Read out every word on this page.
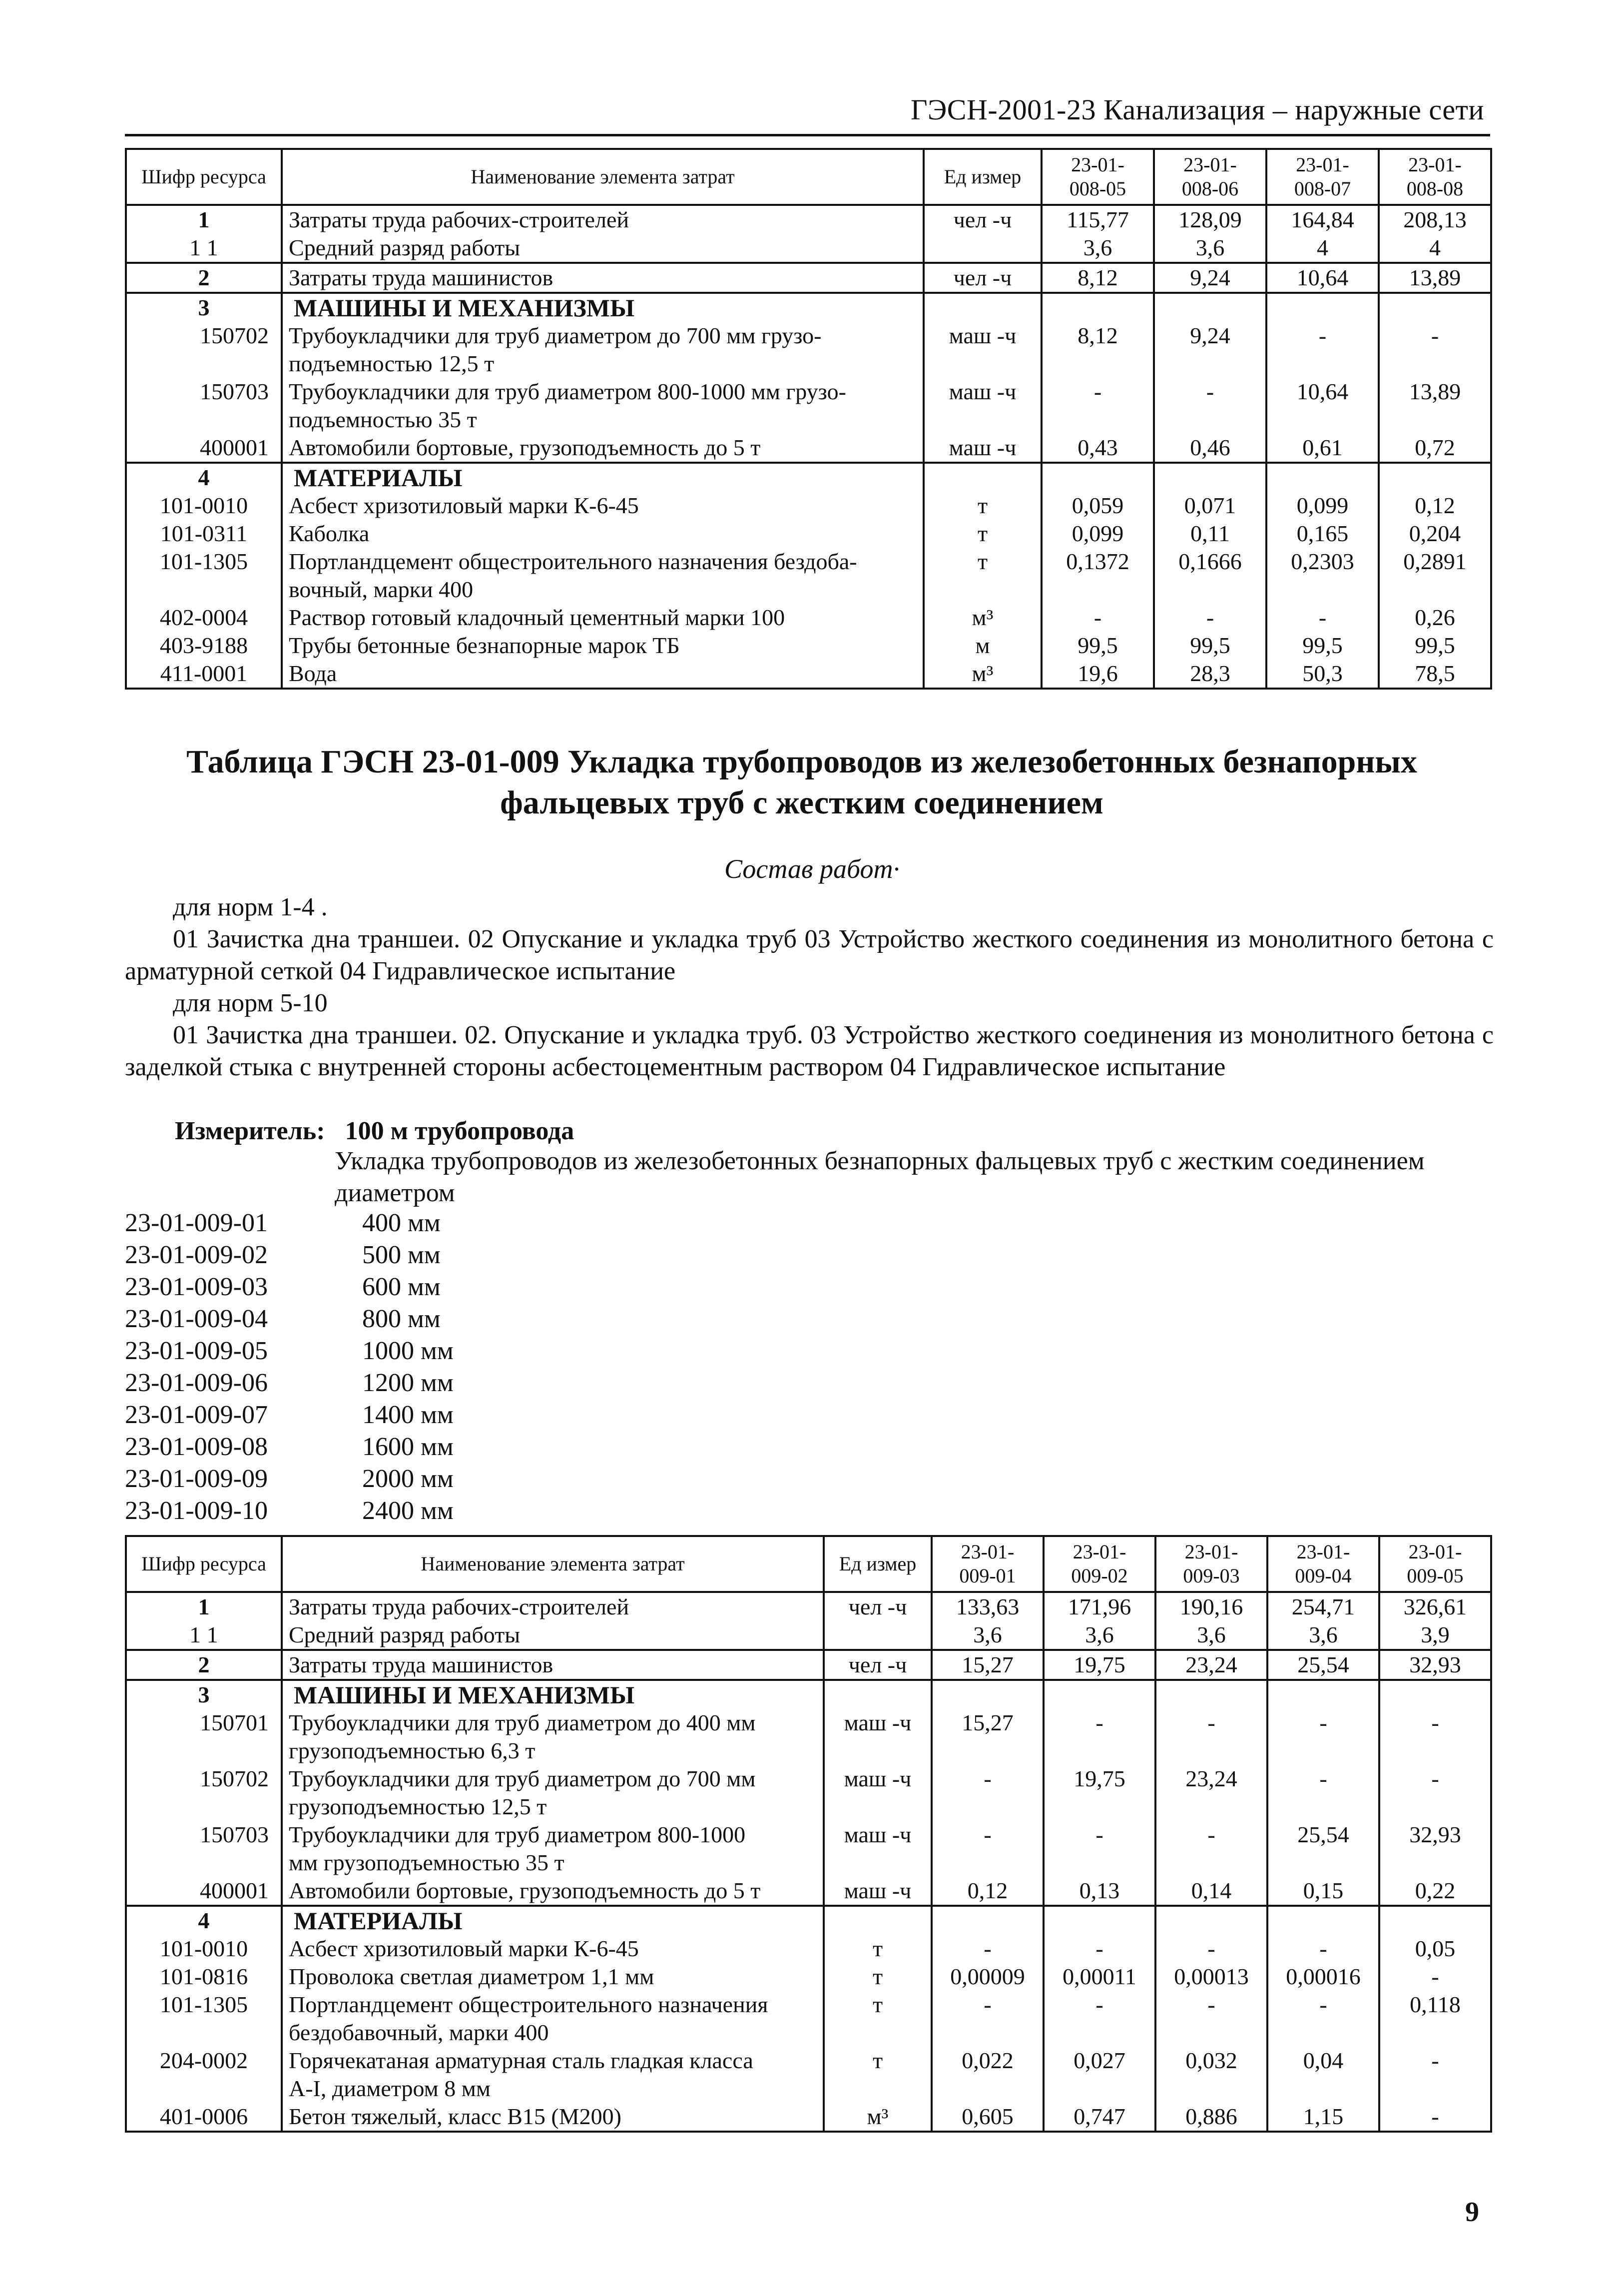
ГЭСН-2001-23 Канализация – наружные сети
Шифр ресурса	Наименование элемента затрат	Ед измер	23-01-
008-05	23-01-
008-06	23-01-
008-07	23-01-
008-08
1	Затраты труда рабочих-строителей	чел -ч	115,77	128,09	164,84	208,13
1 1	Средний разряд работы		3,6	3,6	4	4
2	Затраты труда машинистов	чел -ч	8,12	9,24	10,64	13,89
3	МАШИНЫ И МЕХАНИЗМЫ					
150702	Трубоукладчики для труб диаметром до 700 мм грузо-
подъемностью 12,5 т	маш -ч	8,12	9,24	-	-
150703	Трубоукладчики для труб диаметром 800-1000 мм грузо-
подъемностью 35 т	маш -ч	-	-	10,64	13,89
400001	Автомобили бортовые, грузоподъемность до 5 т	маш -ч	0,43	0,46	0,61	0,72
4	МАТЕРИАЛЫ					
101-0010	Асбест хризотиловый марки К-6-45	т	0,059	0,071	0,099	0,12
101-0311	Каболка	т	0,099	0,11	0,165	0,204
101-1305	Портландцемент общестроительного назначения бездоба-
вочный, марки 400	т	0,1372	0,1666	0,2303	0,2891
402-0004	Раствор готовый кладочный цементный марки 100	м³	-	-	-	0,26
403-9188	Трубы бетонные безнапорные марок ТБ	м	99,5	99,5	99,5	99,5
411-0001	Вода	м³	19,6	28,3	50,3	78,5
Таблица ГЭСН 23-01-009 Укладка трубопроводов из железобетонных безнапорных фальцевых труб с жестким соединением
Состав работ·
для норм 1-4 .
01 Зачистка дна траншеи. 02 Опускание и укладка труб 03 Устройство жесткого соединения из монолитного бетона с арматурной сеткой 04 Гидравлическое испытание
для норм 5-10
01 Зачистка дна траншеи. 02. Опускание и укладка труб. 03 Устройство жесткого соединения из монолитного бетона с заделкой стыка с внутренней стороны асбестоцементным раствором 04 Гидравлическое испытание
Измеритель: 100 м трубопровода
Укладка трубопроводов из железобетонных безнапорных фальцевых труб с жестким соединением диаметром
23-01-009-01	400 мм
23-01-009-02	500 мм
23-01-009-03	600 мм
23-01-009-04	800 мм
23-01-009-05	1000 мм
23-01-009-06	1200 мм
23-01-009-07	1400 мм
23-01-009-08	1600 мм
23-01-009-09	2000 мм
23-01-009-10	2400 мм
Шифр ресурса	Наименование элемента затрат	Ед измер	23-01-
009-01	23-01-
009-02	23-01-
009-03	23-01-
009-04	23-01-
009-05
1	Затраты труда рабочих-строителей	чел -ч	133,63	171,96	190,16	254,71	326,61
1 1	Средний разряд работы		3,6	3,6	3,6	3,6	3,9
2	Затраты труда машинистов	чел -ч	15,27	19,75	23,24	25,54	32,93
3	МАШИНЫ И МЕХАНИЗМЫ						
150701	Трубоукладчики для труб диаметром до 400 мм
грузоподъемностью 6,3 т	маш -ч	15,27	-	-	-	-
150702	Трубоукладчики для труб диаметром до 700 мм
грузоподъемностью 12,5 т	маш -ч	-	19,75	23,24	-	-
150703	Трубоукладчики для труб диаметром 800-1000
мм грузоподъемностью 35 т	маш -ч	-	-	-	25,54	32,93
400001	Автомобили бортовые, грузоподъемность до 5 т	маш -ч	0,12	0,13	0,14	0,15	0,22
4	МАТЕРИАЛЫ						
101-0010	Асбест хризотиловый марки К-6-45	т	-	-	-	-	0,05
101-0816	Проволока светлая диаметром 1,1 мм	т	0,00009	0,00011	0,00013	0,00016	-
101-1305	Портландцемент общестроительного назначения
бездобавочный, марки 400	т	-	-	-	-	0,118
204-0002	Горячекатаная арматурная сталь гладкая класса
А-I, диаметром 8 мм	т	0,022	0,027	0,032	0,04	-
401-0006	Бетон тяжелый, класс В15 (М200)	м³	0,605	0,747	0,886	1,15	-
9
